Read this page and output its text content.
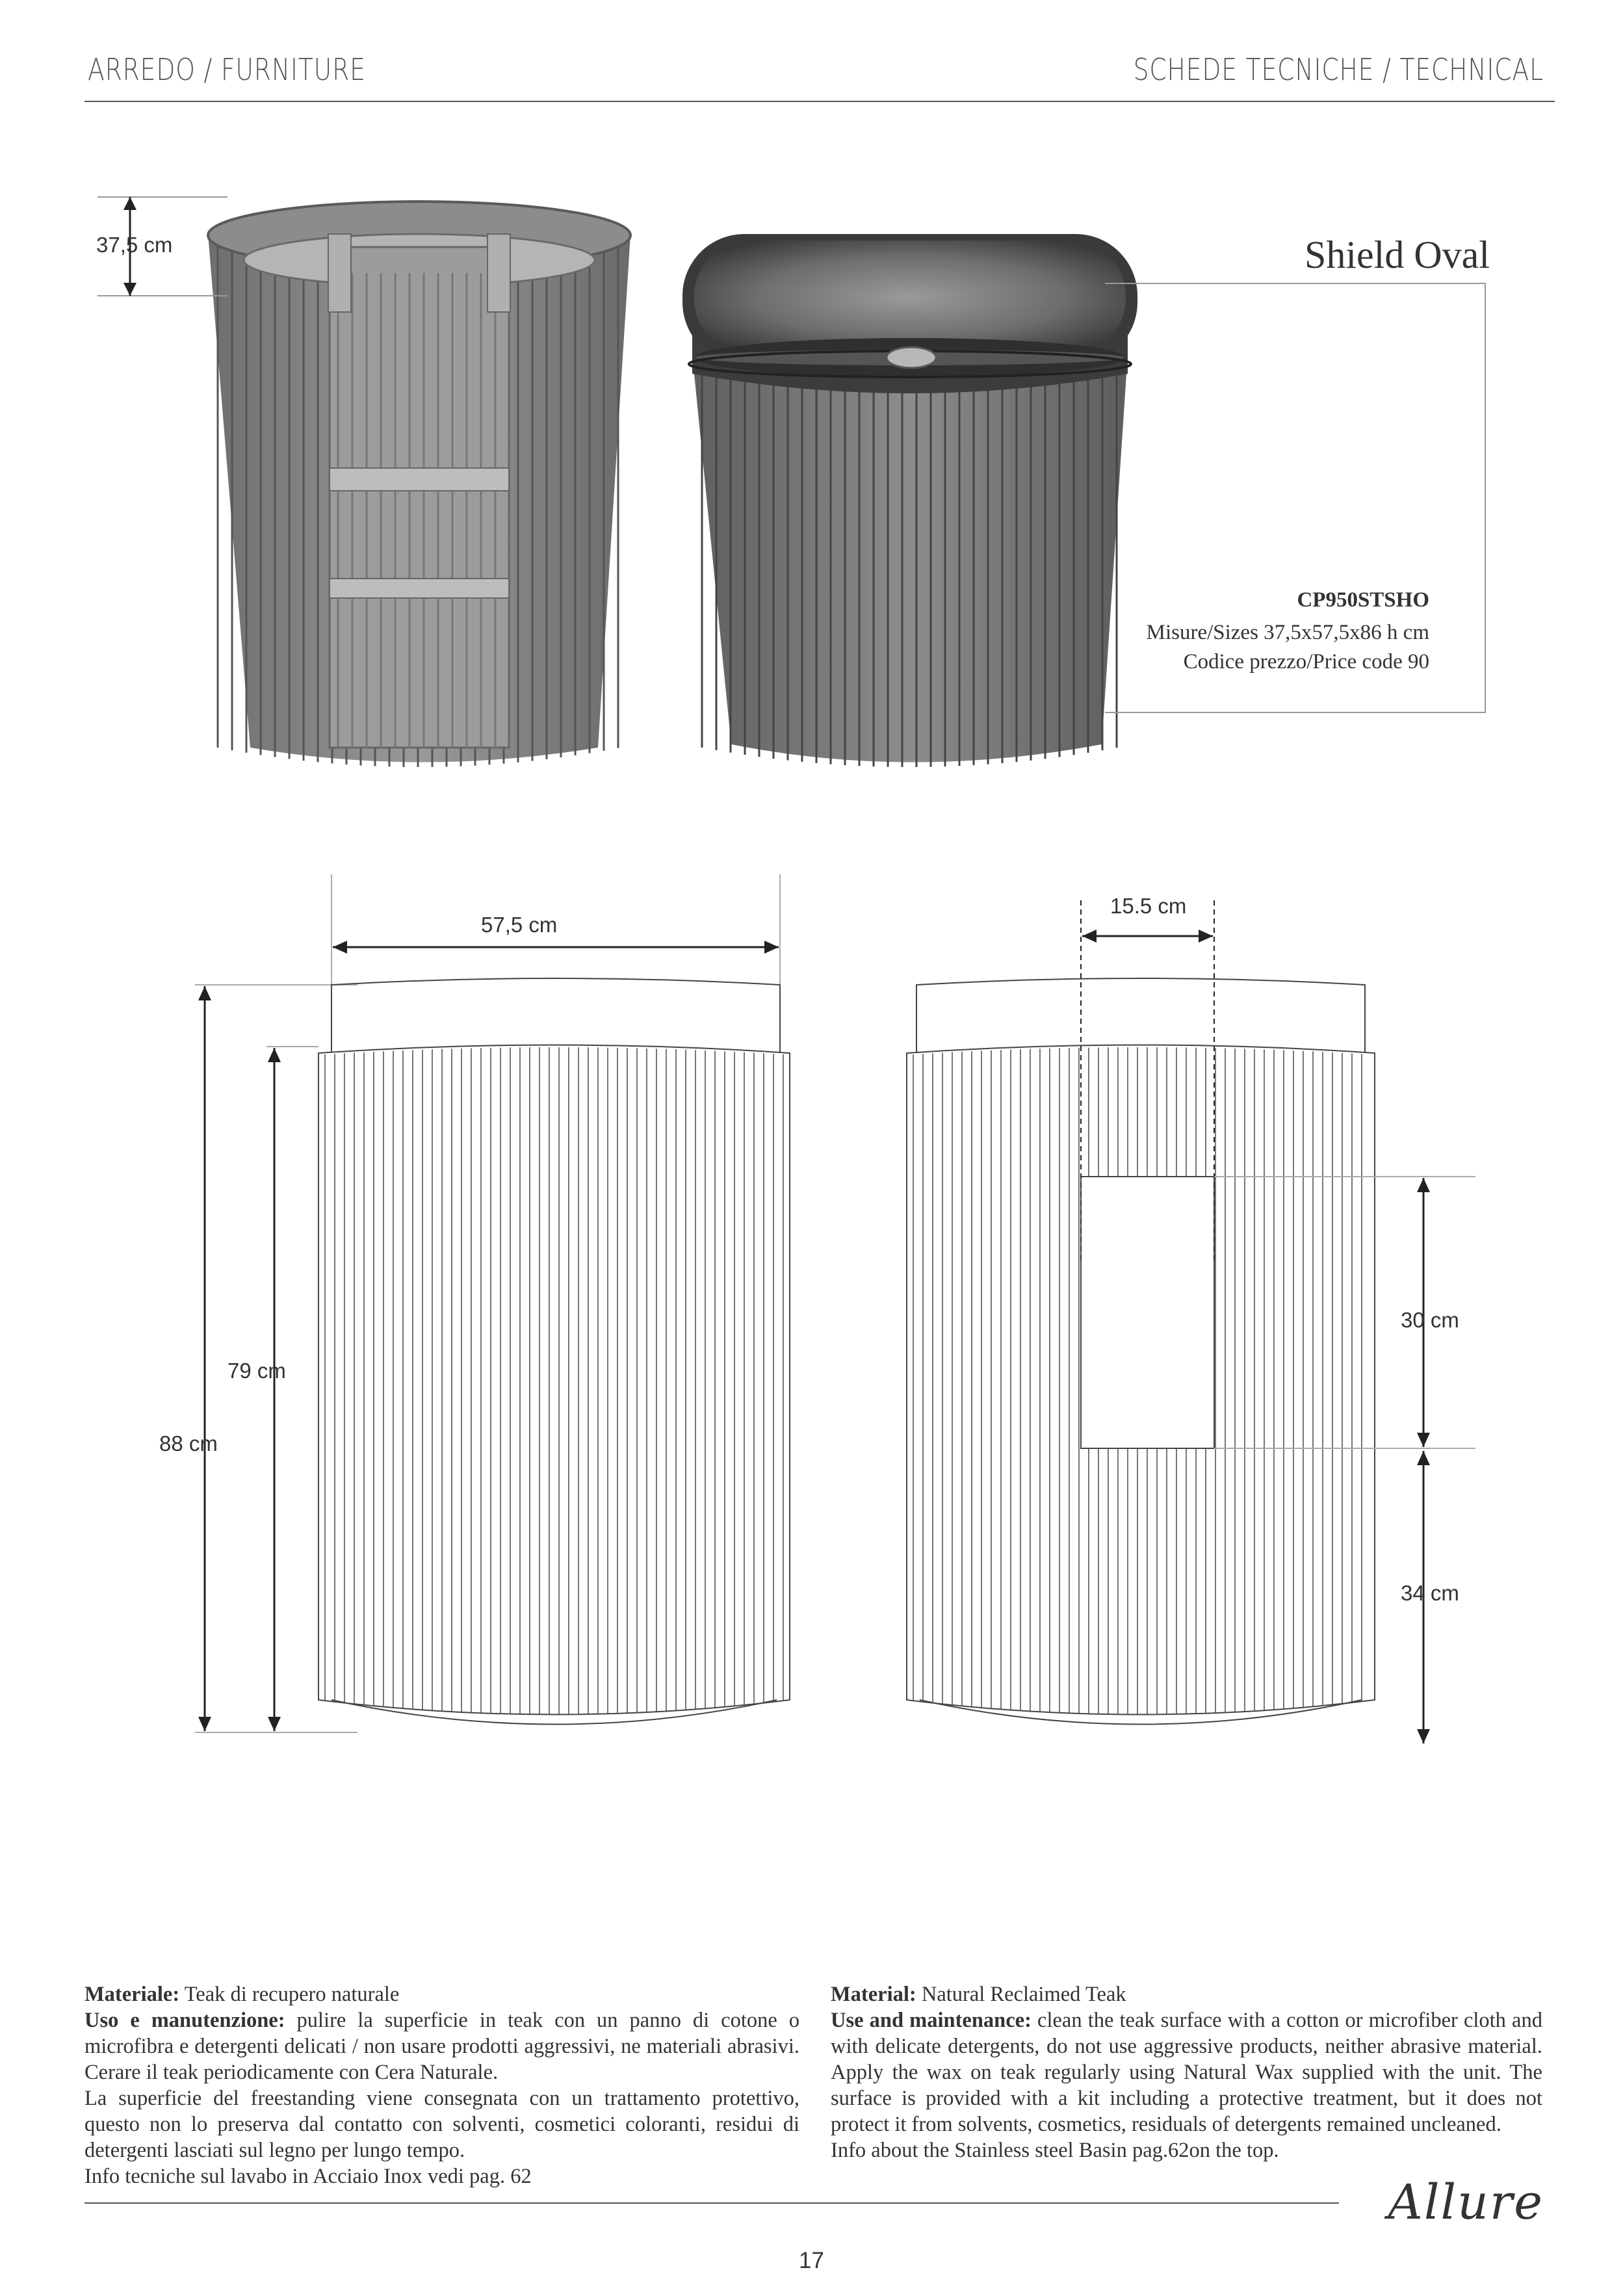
ARREDO / FURNITURE	SCHEDE TECNICHE / TECHNICAL
37,5 cm	Shield Oval
CP950STSHO
Misure/Sizes 37,5x57,5x86 h cm
Codice prezzo/Price code 90
57,5 cm
88 cm
79 cm
15.5 cm
30 cm
34 cm

Materiale: Teak di recupero naturale

Uso e manutenzione: pulire la superficie in teak con un panno di cotone o microfibra e detergenti delicati / non usare prodotti aggressivi, ne materiali abrasivi. Cerare il teak periodicamente con Cera Naturale.

La superficie del freestanding viene consegnata con un trattamento protettivo, questo non lo preserva dal contatto con solventi, cosmetici coloranti, residui di detergenti lasciati sul legno per lungo tempo.

Info tecniche sul lavabo in Acciaio Inox vedi pag. 62

Material: Natural Reclaimed Teak

Use and maintenance: clean the teak surface with a cotton or microfiber cloth and with delicate detergents, do not use aggressive products, neither abrasive material. Apply the wax on teak regularly using Natural Wax supplied with the unit. The surface is provided with a kit including a protective treatment, but it does not protect it from solvents, cosmetics, residuals of detergents remained uncleaned.

Info about the Stainless steel Basin pag.62on the top.

Allure
17
